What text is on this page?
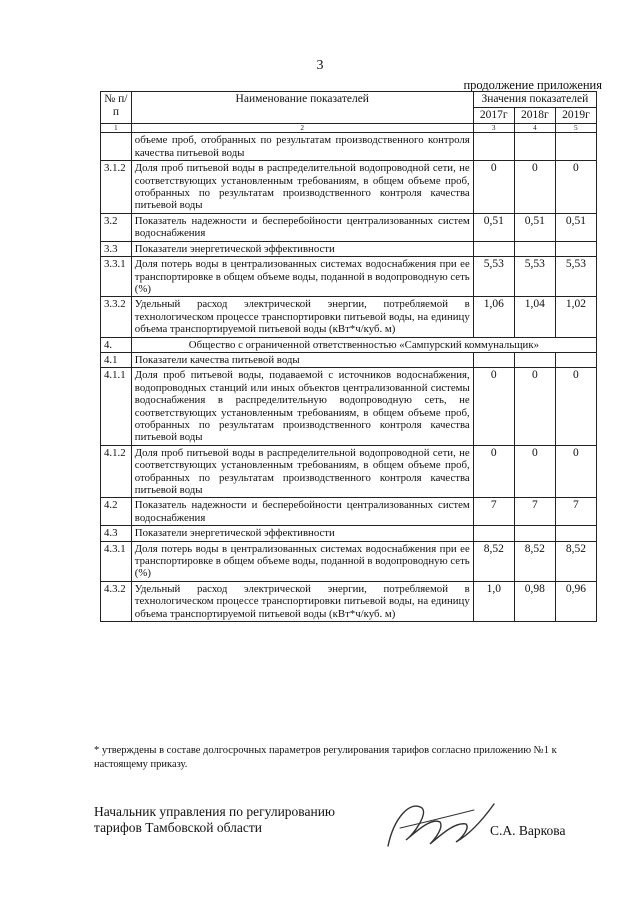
3
продолжение приложения
№ п/п	Наименование показателей	Значения показателей		
		2017г	2018г	2019г
1	2	3	4	5
	объеме проб, отобранных по результатам производственного контроля качества питьевой воды			
3.1.2	Доля проб питьевой воды в распределительной водопроводной сети, не соответствующих установленным требованиям, в общем объеме проб, отобранных по результатам производственного контроля качества питьевой воды	0	0	0
3.2	Показатель надежности и бесперебойности централизованных систем водоснабжения	0,51	0,51	0,51
3.3	Показатели энергетической эффективности			
3.3.1	Доля потерь воды в централизованных системах водоснабжения при ее транспортировке в общем объеме воды, поданной в водопроводную сеть (%)	5,53	5,53	5,53
3.3.2	Удельный расход электрической энергии, потребляемой в технологическом процессе транспортировки питьевой воды, на единицу объема транспортируемой питьевой воды (кВт*ч/куб. м)	1,06	1,04	1,02
4.	Общество с ограниченной ответственностью «Сампурский коммунальщик»			
4.1	Показатели качества питьевой воды			
4.1.1	Доля проб питьевой воды, подаваемой с источников водоснабжения, водопроводных станций или иных объектов централизованной системы водоснабжения в распределительную водопроводную сеть, не соответствующих установленным требованиям, в общем объеме проб, отобранных по результатам производственного контроля качества питьевой воды	0	0	0
4.1.2	Доля проб питьевой воды в распределительной водопроводной сети, не соответствующих установленным требованиям, в общем объеме проб, отобранных по результатам производственного контроля качества питьевой воды	0	0	0
4.2	Показатель надежности и бесперебойности централизованных систем водоснабжения	7	7	7
4.3	Показатели энергетической эффективности			
4.3.1	Доля потерь воды в централизованных системах водоснабжения при ее транспортировке в общем объеме воды, поданной в водопроводную сеть (%)	8,52	8,52	8,52
4.3.2	Удельный расход электрической энергии, потребляемой в технологическом процессе транспортировки питьевой воды, на единицу объема транспортируемой питьевой воды (кВт*ч/куб. м)	1,0	0,98	0,96
* утверждены в составе долгосрочных параметров регулирования тарифов согласно приложению №1 к настоящему приказу.
Начальник управления по регулированию
тарифов Тамбовской области	С.А. Варкова
